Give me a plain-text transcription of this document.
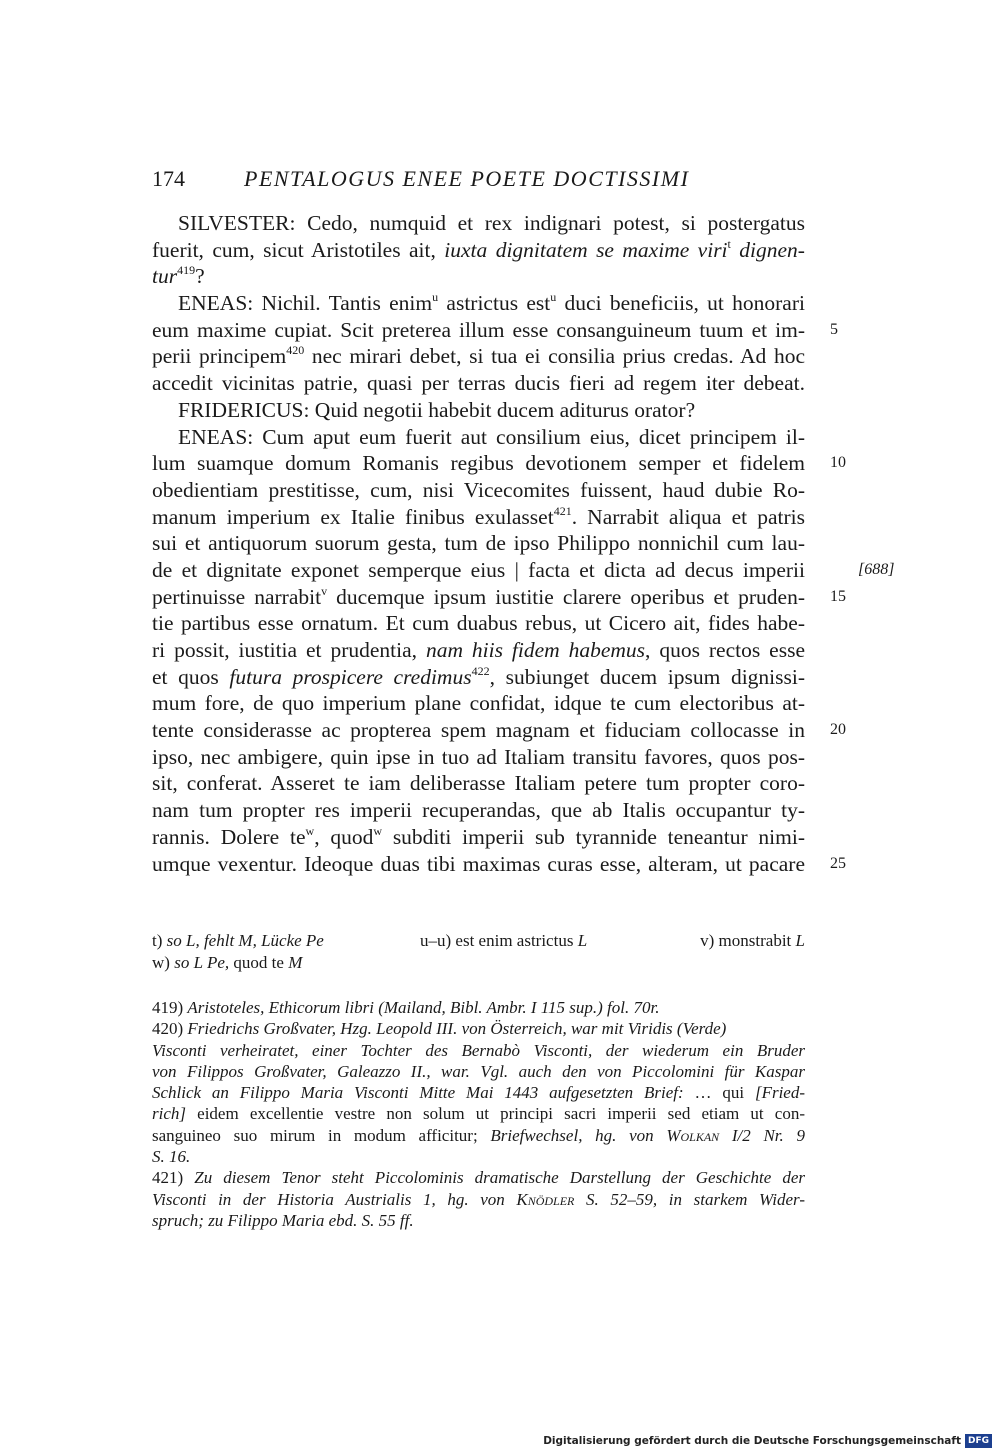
174	PENTALOGUS ENEE POETE DOCTISSIMI
SILVESTER: Cedo, numquid et rex indignari potest, si postergatus
fuerit, cum, sicut Aristotiles ait, iuxta dignitatem se maxime viri$^t$ dignen-
tur$^{419}$?
ENEAS: Nichil. Tantis enim$^u$ astrictus est$^u$ duci beneficiis, ut honorari
eum maxime cupiat. Scit preterea illum esse consanguineum tuum et im- 5
perii principem$^{420}$ nec mirari debet, si tua ei consilia prius credas. Ad hoc
accedit vicinitas patrie, quasi per terras ducis fieri ad regem iter debeat.
FRIDERICUS: Quid negotii habebit ducem aditurus orator?
ENEAS: Cum aput eum fuerit aut consilium eius, dicet principem il-
lum suamque domum Romanis regibus devotionem semper et fidelem 10
obedientiam prestitisse, cum, nisi Vicecomites fuissent, haud dubie Ro-
manum imperium ex Italie finibus exulasset$^{421}$. Narrabit aliqua et patris
sui et antiquorum suorum gesta, tum de ipso Philippo nonnichil cum lau-
de et dignitate exponet semperque eius | facta et dicta ad decus imperii	[688]
pertinuisse narrabit$^v$ ducemque ipsum iustitie clarere operibus et pruden- 15
tie partibus esse ornatum. Et cum duabus rebus, ut Cicero ait, fides habe-
ri possit, iustitia et prudentia, nam hiis fidem habemus, quos rectos esse
et quos futura prospicere credimus$^{422}$, subiunget ducem ipsum dignissi-
mum fore, de quo imperium plane confidat, idque te cum electoribus at-
tente considerasse ac propterea spem magnam et fiduciam collocasse in 20
ipso, nec ambigere, quin ipse in tuo ad Italiam transitu favores, quos pos-
sit, conferat. Asseret te iam deliberasse Italiam petere tum propter coro-
nam tum propter res imperii recuperandas, que ab Italis occupantur ty-
rannis. Dolere $te^w$, quod$^w$ subditi imperii sub tyrannide teneantur nimi-
umque vexentur. Ideoque duas tibi maximas curas esse, alteram, ut pacare 25
t) so L, fehlt M, Lücke Pe	u–u) est enim astrictus L	v) monstrabit L
w) so L Pe, quod te M
419) Aristoteles, Ethicorum libri (Mailand, Bibl. Ambr. I 115 sup.) fol. 70r.
420) Friedrichs Großvater, Hzg. Leopold III. von Österreich, war mit Viridis (Verde)
Visconti verheiratet, einer Tochter des Bernabò Visconti, der wiederum ein Bruder
von Filippos Großvater, Galeazzo II., war. Vgl. auch den von Piccolomini für Kaspar
Schlick an Filippo Maria Visconti Mitte Mai 1443 aufgesetzten Brief: … qui [Fried-
rich] eidem excellentie vestre non solum ut principi sacri imperii sed etiam ut con-
sanguineo suo mirum in modum afficitur; Briefwechsel, hg. von Wolkan I/2 Nr. 9
S. 16.
421) Zu diesem Tenor steht Piccolominis dramatische Darstellung der Geschichte der
Visconti in der Historia Austrialis 1, hg. von Knödler S. 52–59, in starkem Wider-
spruch; zu Filippo Maria ebd. S. 55 ff.
Digitalisierung gefördert durch die Deutsche Forschungsgemeinschaft DFG
